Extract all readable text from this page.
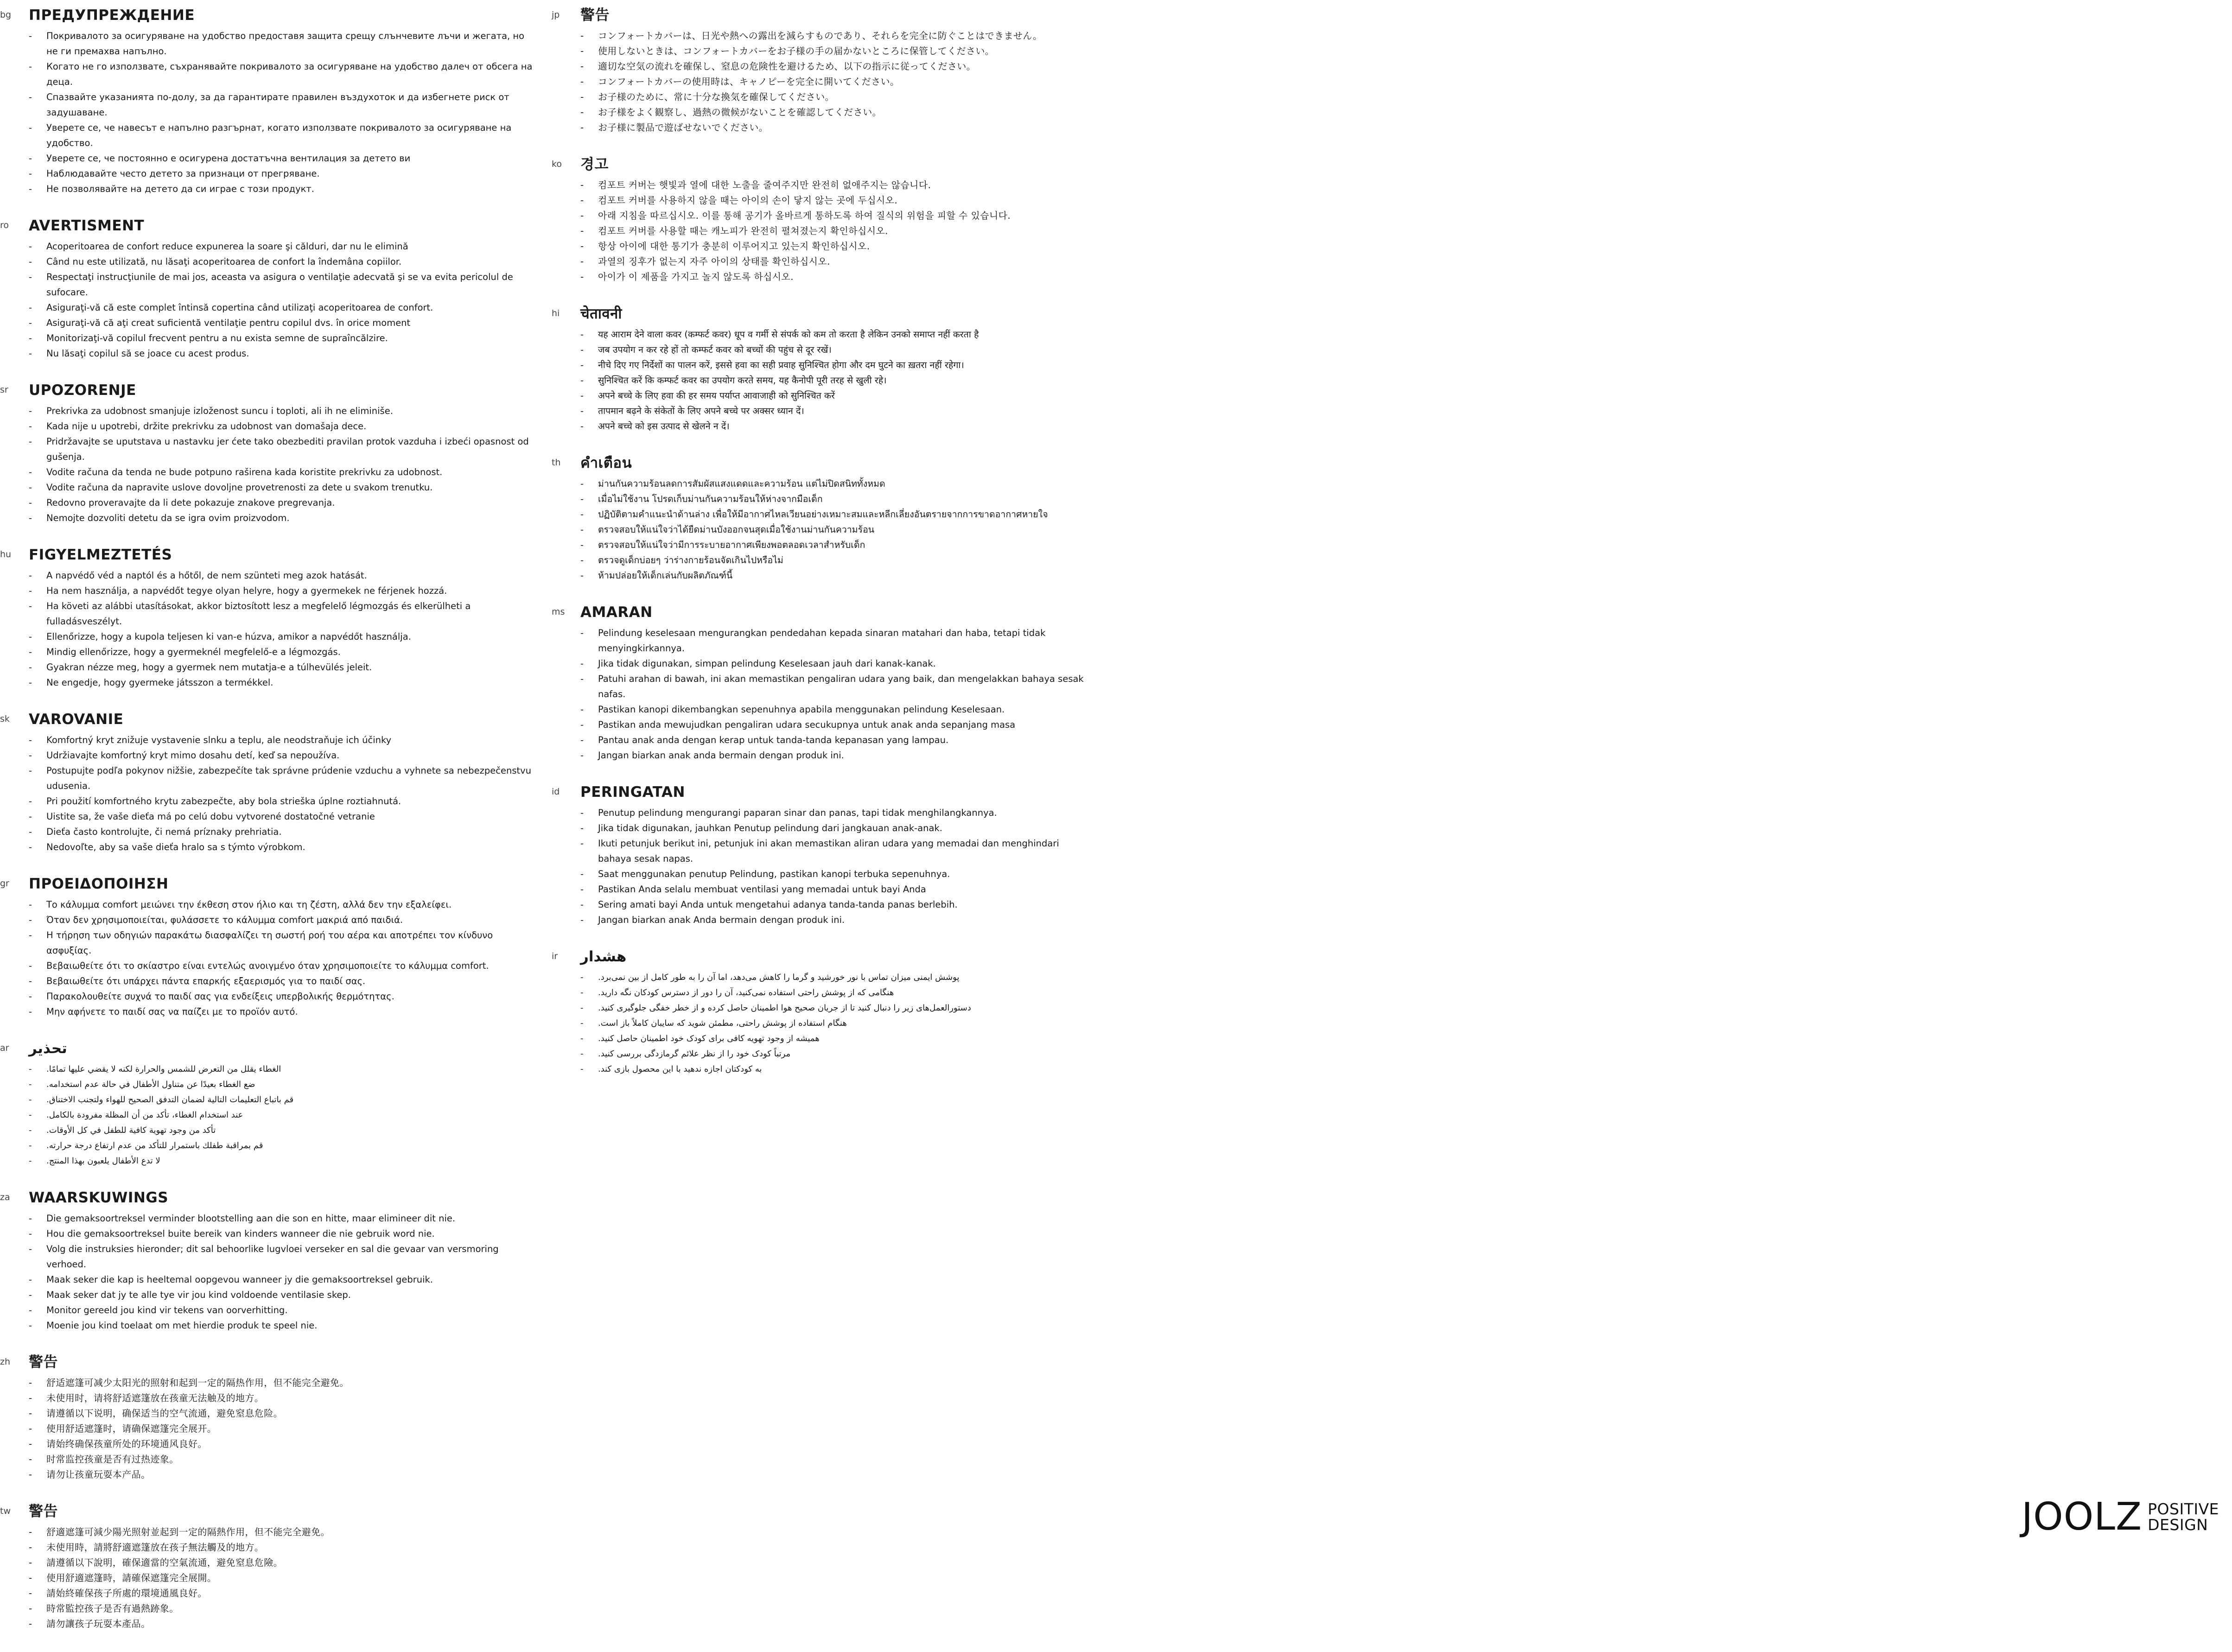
bg ПРЕДУПРЕЖДЕНИЕ
- Покривалото за осигуряване на удобство предоставя защита срещу слънчевите лъчи и жегата, но не ги премахва напълно.
- Когато не го използвате, съхранявайте покривалото за осигуряване на удобство далеч от обсега на деца.
- Спазвайте указанията по-долу, за да гарантирате правилен въздухоток и да избегнете риск от задушаване.
- Уверете се, че навесът е напълно разгърнат, когато използвате покривалото за осигуряване на удобство.
- Уверете се, че постоянно е осигурена достатъчна вентилация за детето ви
- Наблюдавайте често детето за признаци от прегряване.
- Не позволявайте на детето да си играе с този продукт.
ro AVERTISMENT
- Acoperitoarea de confort reduce expunerea la soare şi călduri, dar nu le elimină
- Când nu este utilizată, nu lăsaţi acoperitoarea de confort la îndemâna copiilor.
- Respectaţi instrucţiunile de mai jos, aceasta va asigura o ventilaţie adecvată şi se va evita pericolul de sufocare.
- Asiguraţi-vă că este complet întinsă copertina când utilizaţi acoperitoarea de confort.
- Asiguraţi-vă că aţi creat suficientă ventilaţie pentru copilul dvs. în orice moment
- Monitorizaţi-vă copilul frecvent pentru a nu exista semne de supraîncălzire.
- Nu lăsaţi copilul să se joace cu acest produs.
sr UPOZORENJE
- Prekrivka za udobnost smanjuje izloženost suncu i toploti, ali ih ne eliminiše.
- Kada nije u upotrebi, držite prekrivku za udobnost van domašaja dece.
- Pridržavajte se uputstava u nastavku jer ćete tako obezbediti pravilan protok vazduha i izbeći opasnost od gušenja.
- Vodite računa da tenda ne bude potpuno raširena kada koristite prekrivku za udobnost.
- Vodite računa da napravite uslove dovoljne provetrenosti za dete u svakom trenutku.
- Redovno proveravajte da li dete pokazuje znakove pregrevanja.
- Nemojte dozvoliti detetu da se igra ovim proizvodom.
hu FIGYELMEZTETÉS
- A napvédő véd a naptól és a hőtől, de nem szünteti meg azok hatását.
- Ha nem használja, a napvédőt tegye olyan helyre, hogy a gyermekek ne férjenek hozzá.
- Ha követi az alábbi utasításokat, akkor biztosított lesz a megfelelő légmozgás és elkerülheti a fulladásveszélyt.
- Ellenőrizze, hogy a kupola teljesen ki van-e húzva, amikor a napvédőt használja.
- Mindig ellenőrizze, hogy a gyermeknél megfelelő-e a légmozgás.
- Gyakran nézze meg, hogy a gyermek nem mutatja-e a túlhevülés jeleit.
- Ne engedje, hogy gyermeke játsszon a termékkel.
sk VAROVANIE
- Komfortný kryt znižuje vystavenie slnku a teplu, ale neodstraňuje ich účinky
- Udržiavajte komfortný kryt mimo dosahu detí, keď sa nepoužíva.
- Postupujte podľa pokynov nižšie, zabezpečíte tak správne prúdenie vzduchu a vyhnete sa nebezpečenstvu udusenia.
- Pri použití komfortného krytu zabezpečte, aby bola strieška úplne roztiahnutá.
- Uistite sa, že vaše dieťa má po celú dobu vytvorené dostatočné vetranie
- Dieťa často kontrolujte, či nemá príznaky prehriatia.
- Nedovoľte, aby sa vaše dieťa hralo sa s týmto výrobkom.
gr ΠΡΟΕΙΔΟΠΟΙΗΣΗ
- Το κάλυμμα comfort μειώνει την έκθεση στον ήλιο και τη ζέστη, αλλά δεν την εξαλείφει.
- Όταν δεν χρησιμοποιείται, φυλάσσετε το κάλυμμα comfort μακριά από παιδιά.
- Η τήρηση των οδηγιών παρακάτω διασφαλίζει τη σωστή ροή του αέρα και αποτρέπει τον κίνδυνο ασφυξίας.
- Βεβαιωθείτε ότι το σκίαστρο είναι εντελώς ανοιγμένο όταν χρησιμοποιείτε το κάλυμμα comfort.
- Βεβαιωθείτε ότι υπάρχει πάντα επαρκής εξαερισμός για το παιδί σας.
- Παρακολουθείτε συχνά το παιδί σας για ενδείξεις υπερβολικής θερμότητας.
- Μην αφήνετε το παιδί σας να παίζει με το προϊόν αυτό.
ar تحذير
- الغطاء يقلل من التعرض للشمس والحرارة لكنه لا يقضي عليها تمامًا.
- ضع الغطاء بعيدًا عن متناول الأطفال في حالة عدم استخدامه.
- قم باتباع التعليمات التالية لضمان التدفق الصحيح للهواء ولتجنب الاختناق.
- عند استخدام الغطاء، تأكد من أن المظلة مفرودة بالكامل.
- تأكد من وجود تهوية كافية للطفل في كل الأوقات.
- قم بمراقبة طفلك باستمرار للتأكد من عدم ارتفاع درجة حرارته.
- لا تدع الأطفال يلعبون بهذا المنتج.
za WAARSKUWINGS
- Die gemaksoortreksel verminder blootstelling aan die son en hitte, maar elimineer dit nie.
- Hou die gemaksoortreksel buite bereik van kinders wanneer die nie gebruik word nie.
- Volg die instruksies hieronder; dit sal behoorlike lugvloei verseker en sal die gevaar van versmoring verhoed.
- Maak seker die kap is heeltemal oopgevou wanneer jy die gemaksoortreksel gebruik.
- Maak seker dat jy te alle tye vir jou kind voldoende ventilasie skep.
- Monitor gereeld jou kind vir tekens van oorverhitting.
- Moenie jou kind toelaat om met hierdie produk te speel nie.
zh 警告
- 舒适遮篷可减少太阳光的照射和起到一定的隔热作用，但不能完全避免。
- 未使用时，请将舒适遮篷放在孩童无法触及的地方。
- 请遵循以下说明，确保适当的空气流通，避免窒息危险。
- 使用舒适遮篷时，请确保遮篷完全展开。
- 请始终确保孩童所处的环境通风良好。
- 时常监控孩童是否有过热迹象。
- 请勿让孩童玩耍本产品。
tw 警告
- 舒適遮篷可減少陽光照射並起到一定的隔熱作用，但不能完全避免。
- 未使用時，請將舒適遮篷放在孩子無法觸及的地方。
- 請遵循以下說明，確保適當的空氣流通，避免窒息危險。
- 使用舒適遮篷時，請確保遮篷完全展開。
- 請始終確保孩子所處的環境通風良好。
- 時常監控孩子是否有過熱跡象。
- 請勿讓孩子玩耍本產品。
jp 警告
- コンフォートカバーは、日光や熱への露出を減らすものであり、それらを完全に防ぐことはできません。
- 使用しないときは、コンフォートカバーをお子様の手の届かないところに保管してください。
- 適切な空気の流れを確保し、窒息の危険性を避けるため、以下の指示に従ってください。
- コンフォートカバーの使用時は、キャノピーを完全に開いてください。
- お子様のために、常に十分な換気を確保してください。
- お子様をよく観察し、過熱の微候がないことを確認してください。
- お子様に製品で遊ばせないでください。
ko 경고
- 컴포트 커버는 햇빛과 열에 대한 노출을 줄여주지만 완전히 없애주지는 않습니다.
- 컴포트 커버를 사용하지 않을 때는 아이의 손이 닿지 않는 곳에 두십시오.
- 아래 지침을 따르십시오. 이를 통해 공기가 올바르게 통하도록 하여 질식의 위험을 피할 수 있습니다.
- 컴포트 커버를 사용할 때는 캐노피가 완전히 펼쳐졌는지 확인하십시오.
- 항상 아이에 대한 통기가 충분히 이루어지고 있는지 확인하십시오.
- 과열의 징후가 없는지 자주 아이의 상태를 확인하십시오.
- 아이가 이 제품을 가지고 놀지 않도록 하십시오.
hi चेतावनी
- यह आराम देने वाला कवर (कम्फर्ट कवर) धूप व गर्मी से संपर्क को कम तो करता है लेकिन उनको समाप्त नहीं करता है
- जब उपयोग न कर रहे हों तो कम्फर्ट कवर को बच्चों की पहुंच से दूर रखें।
- नीचे दिए गए निर्देशों का पालन करें, इससे हवा का सही प्रवाह सुनिश्चित होगा और दम घुटने का ख़तरा नहीं रहेगा।
- सुनिश्चित करें कि कम्फर्ट कवर का उपयोग करते समय, यह कैनोपी पूरी तरह से खुली रहे।
- अपने बच्चे के लिए हवा की हर समय पर्याप्त आवाजाही को सुनिश्चित करें
- तापमान बढ़ने के संकेतों के लिए अपने बच्चे पर अक्सर ध्यान दें।
- अपने बच्चे को इस उत्पाद से खेलने न दें।
th คำเตือน
- ม่านกันความร้อนลดการสัมผัสแสงแดดและความร้อน แต่ไม่ปิดสนิททั้งหมด
- เมื่อไม่ใช้งาน โปรดเก็บม่านกันความร้อนให้ห่างจากมือเด็ก
- ปฏิบัติตามคำแนะนำด้านล่าง เพื่อให้มีอากาศไหลเวียนอย่างเหมาะสมและหลีกเลี่ยงอันตรายจากการขาดอากาศหายใจ
- ตรวจสอบให้แน่ใจว่าได้ยืดม่านบังออกจนสุดเมื่อใช้งานม่านกันความร้อน
- ตรวจสอบให้แน่ใจว่ามีการระบายอากาศเพียงพอตลอดเวลาสำหรับเด็ก
- ตรวจดูเด็กบ่อยๆ ว่าร่างกายร้อนจัดเกินไปหรือไม่
- ห้ามปล่อยให้เด็กเล่นกับผลิตภัณฑ์นี้
ms AMARAN
- Pelindung keselesaan mengurangkan pendedahan kepada sinaran matahari dan haba, tetapi tidak menyingkirkannya.
- Jika tidak digunakan, simpan pelindung Keselesaan jauh dari kanak-kanak.
- Patuhi arahan di bawah, ini akan memastikan pengaliran udara yang baik, dan mengelakkan bahaya sesak nafas.
- Pastikan kanopi dikembangkan sepenuhnya apabila menggunakan pelindung Keselesaan.
- Pastikan anda mewujudkan pengaliran udara secukupnya untuk anak anda sepanjang masa
- Pantau anak anda dengan kerap untuk tanda-tanda kepanasan yang lampau.
- Jangan biarkan anak anda bermain dengan produk ini.
id PERINGATAN
- Penutup pelindung mengurangi paparan sinar dan panas, tapi tidak menghilangkannya.
- Jika tidak digunakan, jauhkan Penutup pelindung dari jangkauan anak-anak.
- Ikuti petunjuk berikut ini, petunjuk ini akan memastikan aliran udara yang memadai dan menghindari bahaya sesak napas.
- Saat menggunakan penutup Pelindung, pastikan kanopi terbuka sepenuhnya.
- Pastikan Anda selalu membuat ventilasi yang memadai untuk bayi Anda
- Sering amati bayi Anda untuk mengetahui adanya tanda-tanda panas berlebih.
- Jangan biarkan anak Anda bermain dengan produk ini.
ir هشدار
- پوشش ایمنی میزان تماس با نور خورشید و گرما را کاهش می‌دهد، اما آن را به طور کامل از بین نمی‌برد.
- هنگامی که از پوشش راحتی استفاده نمی‌کنید، آن را دور از دسترس کودکان نگه دارید.
- دستورالعمل‌های زیر را دنبال کنید تا از جریان صحیح هوا اطمینان حاصل کرده و از خطر خفگی جلوگیری کنید.
- هنگام استفاده از پوشش راحتی، مطمئن شوید که سایبان کاملاً باز است.
- همیشه از وجود تهویه کافی برای کودک خود اطمینان حاصل کنید.
- مرتباً کودک خود را از نظر علائم گرمازدگی بررسی کنید.
- به کودکتان اجازه ندهید با این محصول بازی کند.
JOOLZ POSITIVE
DESIGN
